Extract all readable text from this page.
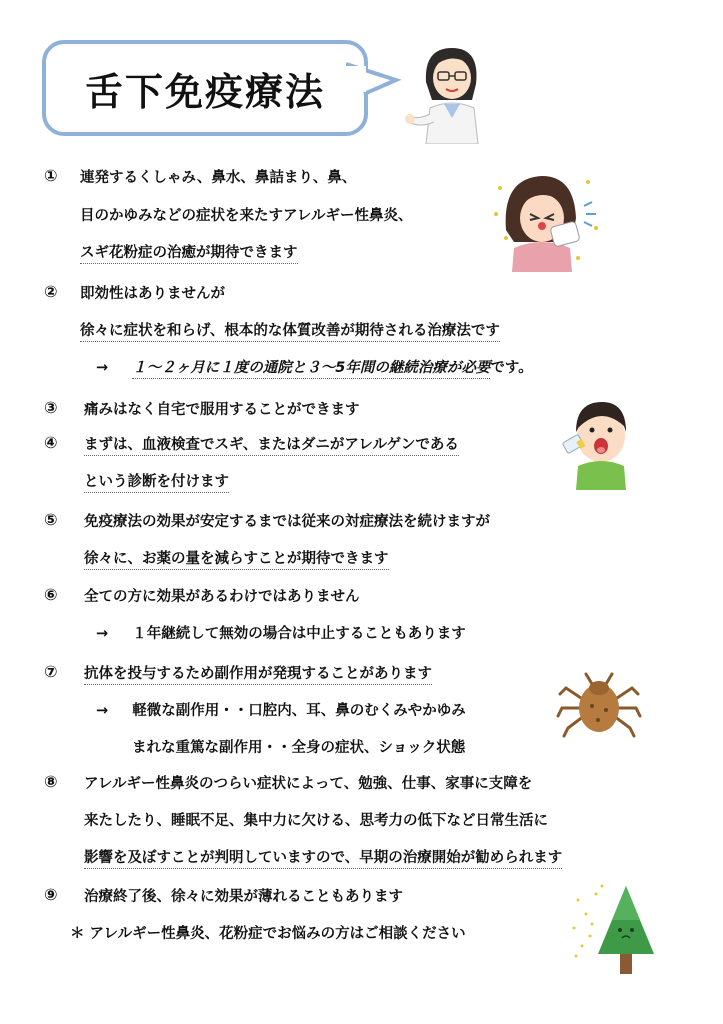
舌下免疫療法
① 連発するくしゃみ、鼻水、鼻詰まり、鼻、
目のかゆみなどの症状を来たすアレルギー性鼻炎、
スギ花粉症の治癒が期待できます
② 即効性はありませんが
徐々に症状を和らげ、根本的な体質改善が期待される治療法です
→ １～２ヶ月に１度の通院と３～5年間の継続治療が必要です。
③ 痛みはなく自宅で服用することができます
④ まずは、血液検査でスギ、またはダニがアレルゲンである
という診断を付けます
⑤ 免疫療法の効果が安定するまでは従来の対症療法を続けますが
徐々に、お薬の量を減らすことが期待できます
⑥ 全ての方に効果があるわけではありません
→ １年継続して無効の場合は中止することもあります
⑦ 抗体を投与するため副作用が発現することがあります
→ 軽微な副作用・・口腔内、耳、鼻のむくみやかゆみ
まれな重篤な副作用・・全身の症状、ショック状態
⑧ アレルギー性鼻炎のつらい症状によって、勉強、仕事、家事に支障を
来たしたり、睡眠不足、集中力に欠ける、思考力の低下など日常生活に
影響を及ぼすことが判明していますので、早期の治療開始が勧められます
⑨ 治療終了後、徐々に効果が薄れることもあります
＊ アレルギー性鼻炎、花粉症でお悩みの方はご相談ください
